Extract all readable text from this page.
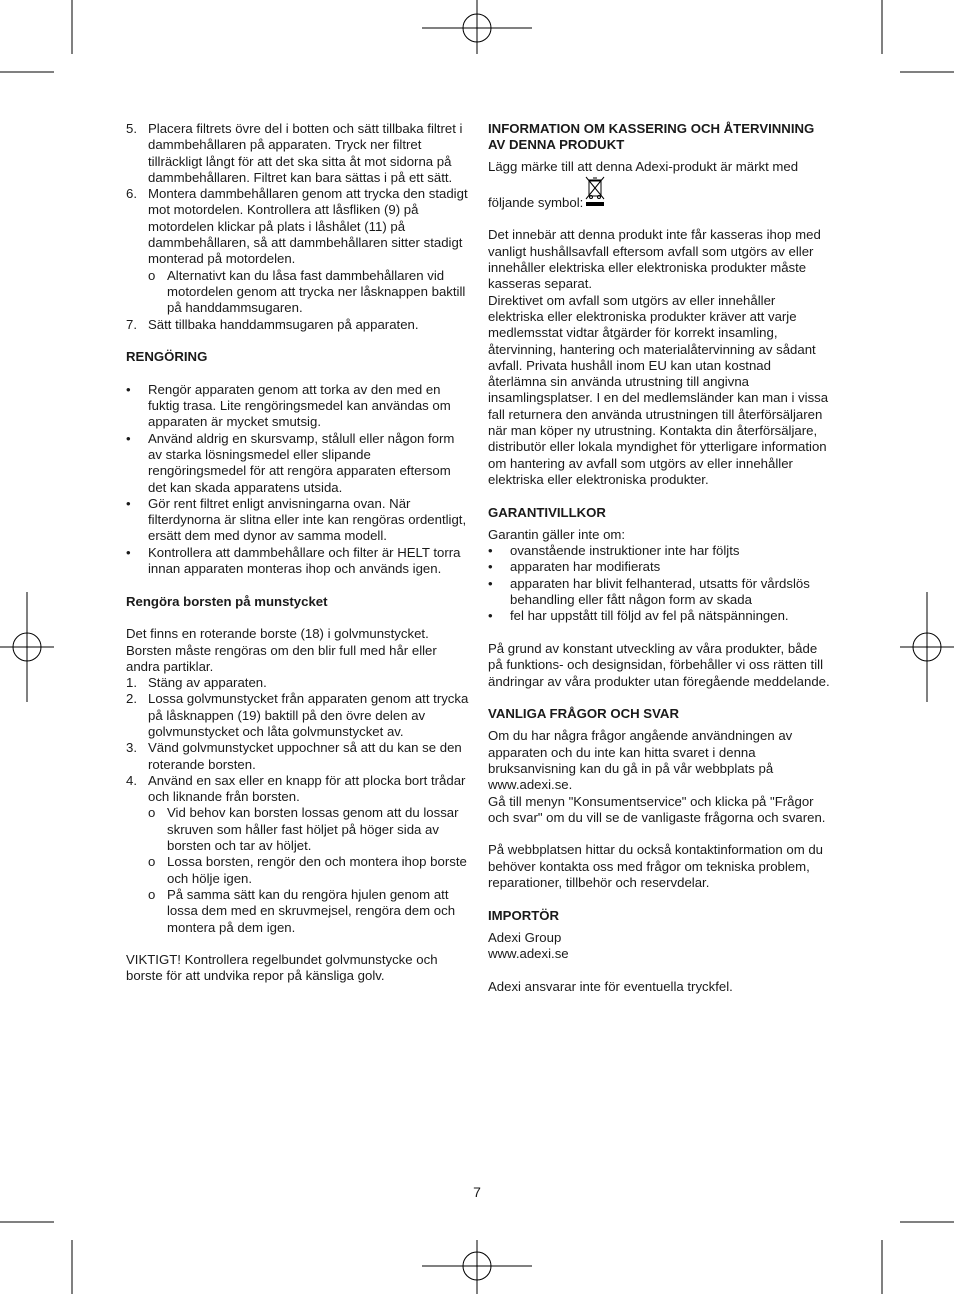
5. Placera filtrets övre del i botten och sätt tillbaka filtret i dammbehållaren på apparaten. Tryck ner filtret tillräckligt långt för att det ska sitta åt mot sidorna på dammbehållaren. Filtret kan bara sättas i på ett sätt.
6. Montera dammbehållaren genom att trycka den stadigt mot motordelen. Kontrollera att låsfliken (9) på motordelen klickar på plats i låshålet (11) på dammbehållaren, så att dammbehållaren sitter stadigt monterad på motordelen.
o Alternativt kan du låsa fast dammbehållaren vid motordelen genom att trycka ner låsknappen baktill på handdammsugaren.
7. Sätt tillbaka handdammsugaren på apparaten.

RENGÖRING

•	Rengör apparaten genom att torka av den med en fuktig trasa. Lite rengöringsmedel kan användas om apparaten är mycket smutsig.
•	Använd aldrig en skursvamp, stålull eller någon form av starka lösningsmedel eller slipande rengöringsmedel för att rengöra apparaten eftersom det kan skada apparatens utsida.
•	Gör rent filtret enligt anvisningarna ovan. När filterdynorna är slitna eller inte kan rengöras ordentligt, ersätt dem med dynor av samma modell.
•	Kontrollera att dammbehållare och filter är HELT torra innan apparaten monteras ihop och används igen.

Rengöra borsten på munstycket

Det finns en roterande borste (18) i golvmunstycket. Borsten måste rengöras om den blir full med hår eller andra partiklar.

1. Stäng av apparaten.
2. Lossa golvmunstycket från apparaten genom att trycka på låsknappen (19) baktill på den övre delen av golvmunstycket och låta golvmunstycket av.
3. Vänd golvmunstycket uppochner så att du kan se den roterande borsten.
4. Använd en sax eller en knapp för att plocka bort trådar och liknande från borsten.
o Vid behov kan borsten lossas genom att du lossar skruven som håller fast höljet på höger sida av borsten och tar av höljet.
o Lossa borsten, rengör den och montera ihop borste och hölje igen.
o På samma sätt kan du rengöra hjulen genom att lossa dem med en skruvmejsel, rengöra dem och montera på dem igen.

VIKTIGT! Kontrollera regelbundet golvmunstycke och borste för att undvika repor på känsliga golv.

INFORMATION OM KASSERING OCH ÅTERVINNING AV DENNA PRODUKT

Lägg märke till att denna Adexi-produkt är märkt med

följande symbol:

Det innebär att denna produkt inte får kasseras ihop med vanligt hushållsavfall eftersom avfall som utgörs av eller innehåller elektriska eller elektroniska produkter måste kasseras separat.

Direktivet om avfall som utgörs av eller innehåller elektriska eller elektroniska produkter kräver att varje medlemsstat vidtar åtgärder för korrekt insamling, återvinning, hantering och materialåtervinning av sådant avfall. Privata hushåll inom EU kan utan kostnad återlämna sin använda utrustning till angivna insamlingsplatser. I en del medlemsländer kan man i vissa fall returnera den använda utrustningen till återförsäljaren när man köper ny utrustning. Kontakta din återförsäljare, distributör eller lokala myndighet för ytterligare information om hantering av avfall som utgörs av eller innehåller elektriska eller elektroniska produkter.

GARANTIVILLKOR

Garantin gäller inte om:

•	ovanstående instruktioner inte har följts
•	apparaten har modifierats
•	apparaten har blivit felhanterad, utsatts för vårdslös behandling eller fått någon form av skada
•	fel har uppstått till följd av fel på nätspänningen.

På grund av konstant utveckling av våra produkter, både på funktions- och designsidan, förbehåller vi oss rätten till ändringar av våra produkter utan föregående meddelande.

VANLIGA FRÅGOR OCH SVAR

Om du har några frågor angående användningen av apparaten och du inte kan hitta svaret i denna bruksanvisning kan du gå in på vår webbplats på www.adexi.se.

Gå till menyn "Konsumentservice" och klicka på "Frågor och svar" om du vill se de vanligaste frågorna och svaren.

På webbplatsen hittar du också kontaktinformation om du behöver kontakta oss med frågor om tekniska problem, reparationer, tillbehör och reservdelar.

IMPORTÖR

Adexi Group

www.adexi.se

Adexi ansvarar inte för eventuella tryckfel.

7
